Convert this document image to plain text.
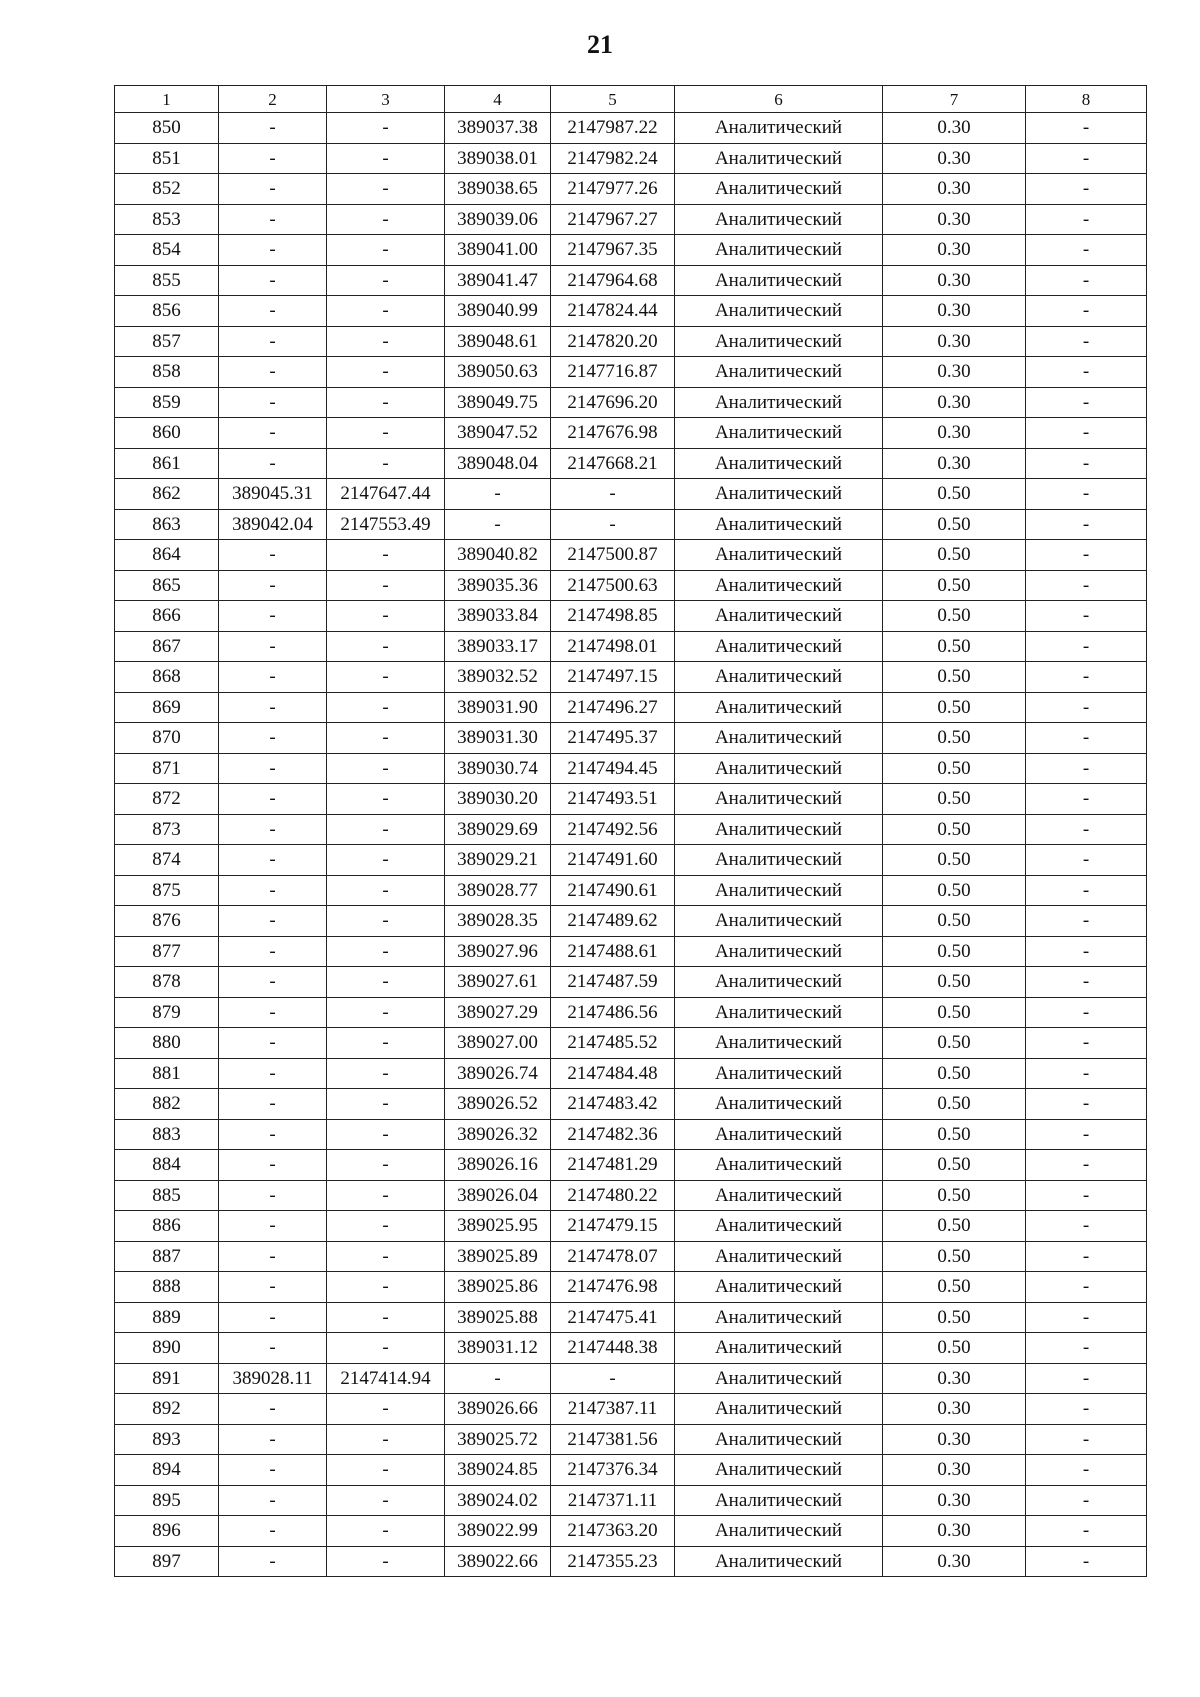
21
1	2	3	4	5	6	7	8
850	-	-	389037.38	2147987.22	Аналитический	0.30	-
851	-	-	389038.01	2147982.24	Аналитический	0.30	-
852	-	-	389038.65	2147977.26	Аналитический	0.30	-
853	-	-	389039.06	2147967.27	Аналитический	0.30	-
854	-	-	389041.00	2147967.35	Аналитический	0.30	-
855	-	-	389041.47	2147964.68	Аналитический	0.30	-
856	-	-	389040.99	2147824.44	Аналитический	0.30	-
857	-	-	389048.61	2147820.20	Аналитический	0.30	-
858	-	-	389050.63	2147716.87	Аналитический	0.30	-
859	-	-	389049.75	2147696.20	Аналитический	0.30	-
860	-	-	389047.52	2147676.98	Аналитический	0.30	-
861	-	-	389048.04	2147668.21	Аналитический	0.30	-
862	389045.31	2147647.44	-	-	Аналитический	0.50	-
863	389042.04	2147553.49	-	-	Аналитический	0.50	-
864	-	-	389040.82	2147500.87	Аналитический	0.50	-
865	-	-	389035.36	2147500.63	Аналитический	0.50	-
866	-	-	389033.84	2147498.85	Аналитический	0.50	-
867	-	-	389033.17	2147498.01	Аналитический	0.50	-
868	-	-	389032.52	2147497.15	Аналитический	0.50	-
869	-	-	389031.90	2147496.27	Аналитический	0.50	-
870	-	-	389031.30	2147495.37	Аналитический	0.50	-
871	-	-	389030.74	2147494.45	Аналитический	0.50	-
872	-	-	389030.20	2147493.51	Аналитический	0.50	-
873	-	-	389029.69	2147492.56	Аналитический	0.50	-
874	-	-	389029.21	2147491.60	Аналитический	0.50	-
875	-	-	389028.77	2147490.61	Аналитический	0.50	-
876	-	-	389028.35	2147489.62	Аналитический	0.50	-
877	-	-	389027.96	2147488.61	Аналитический	0.50	-
878	-	-	389027.61	2147487.59	Аналитический	0.50	-
879	-	-	389027.29	2147486.56	Аналитический	0.50	-
880	-	-	389027.00	2147485.52	Аналитический	0.50	-
881	-	-	389026.74	2147484.48	Аналитический	0.50	-
882	-	-	389026.52	2147483.42	Аналитический	0.50	-
883	-	-	389026.32	2147482.36	Аналитический	0.50	-
884	-	-	389026.16	2147481.29	Аналитический	0.50	-
885	-	-	389026.04	2147480.22	Аналитический	0.50	-
886	-	-	389025.95	2147479.15	Аналитический	0.50	-
887	-	-	389025.89	2147478.07	Аналитический	0.50	-
888	-	-	389025.86	2147476.98	Аналитический	0.50	-
889	-	-	389025.88	2147475.41	Аналитический	0.50	-
890	-	-	389031.12	2147448.38	Аналитический	0.50	-
891	389028.11	2147414.94	-	-	Аналитический	0.30	-
892	-	-	389026.66	2147387.11	Аналитический	0.30	-
893	-	-	389025.72	2147381.56	Аналитический	0.30	-
894	-	-	389024.85	2147376.34	Аналитический	0.30	-
895	-	-	389024.02	2147371.11	Аналитический	0.30	-
896	-	-	389022.99	2147363.20	Аналитический	0.30	-
897	-	-	389022.66	2147355.23	Аналитический	0.30	-
